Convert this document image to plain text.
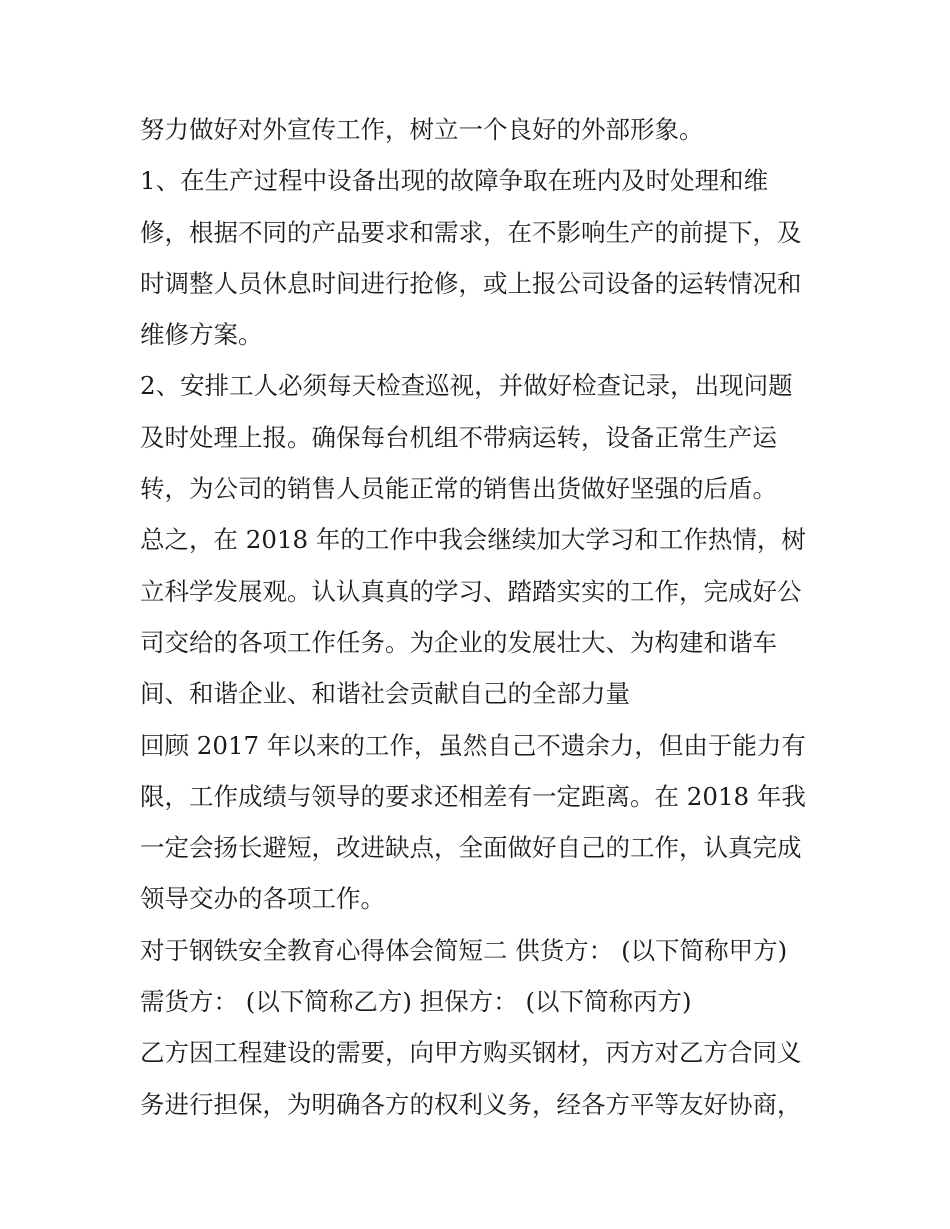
努力做好对外宣传工作，树立一个良好的外部形象。
1、在生产过程中设备出现的故障争取在班内及时处理和维
修，根据不同的产品要求和需求，在不影响生产的前提下，及
时调整人员休息时间进行抢修，或上报公司设备的运转情况和
维修方案。
2、安排工人必须每天检查巡视，并做好检查记录，出现问题
及时处理上报。确保每台机组不带病运转，设备正常生产运
转，为公司的销售人员能正常的销售出货做好坚强的后盾。
总之，在 2018 年的工作中我会继续加大学习和工作热情，树
立科学发展观。认认真真的学习、踏踏实实的工作，完成好公
司交给的各项工作任务。为企业的发展壮大、为构建和谐车
间、和谐企业、和谐社会贡献自己的全部力量
回顾 2017 年以来的工作，虽然自己不遗余力，但由于能力有
限，工作成绩与领导的要求还相差有一定距离。在 2018 年我
一定会扬长避短，改进缺点，全面做好自己的工作，认真完成
领导交办的各项工作。
对于钢铁安全教育心得体会简短二 供货方： (以下简称甲方)
需货方： (以下简称乙方) 担保方： (以下简称丙方)
乙方因工程建设的需要，向甲方购买钢材，丙方对乙方合同义
务进行担保，为明确各方的权利义务，经各方平等友好协商，
